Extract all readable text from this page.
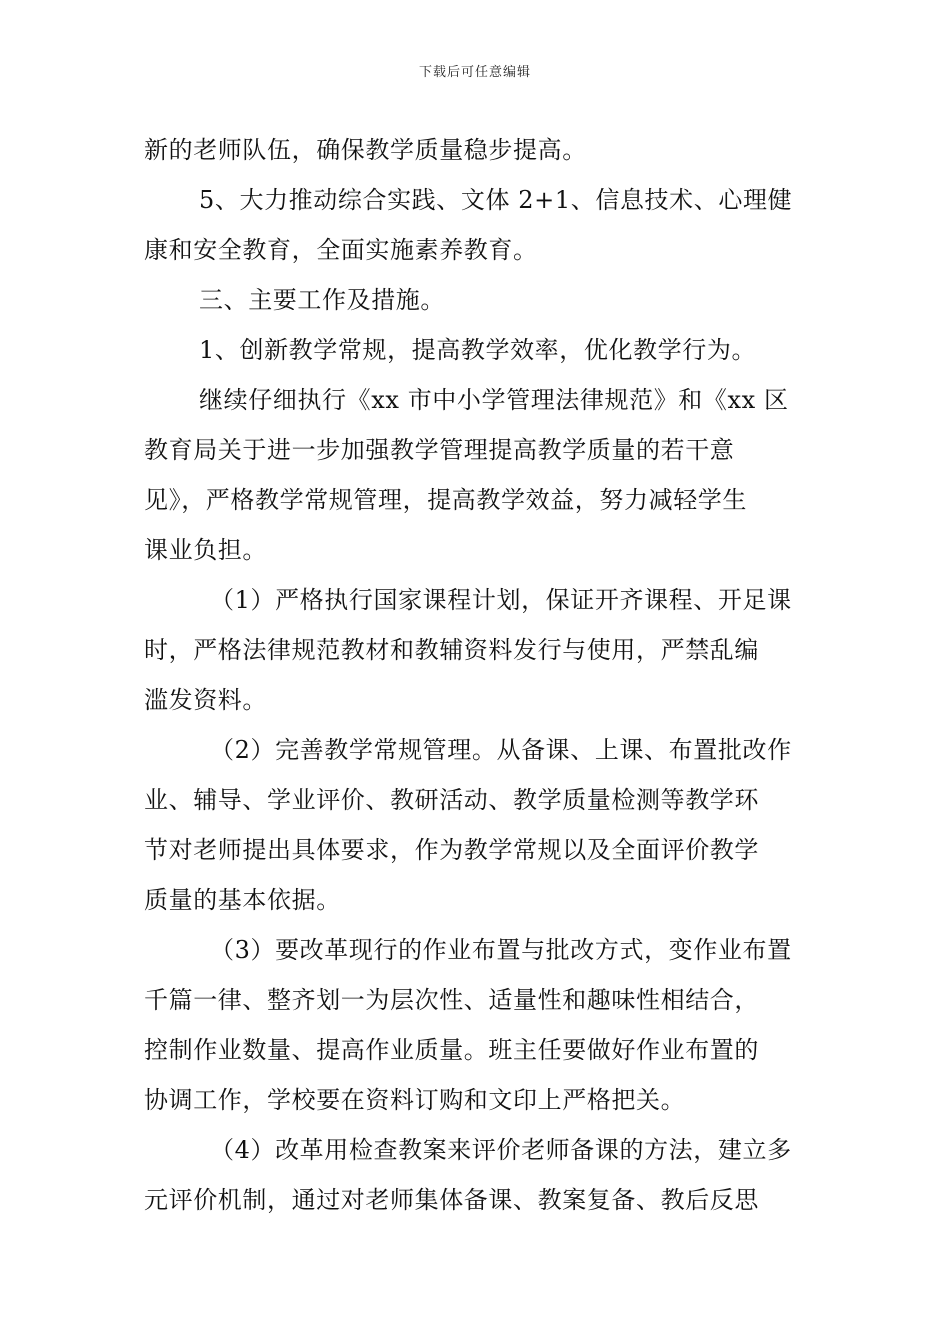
下载后可任意编辑
新的老师队伍，确保教学质量稳步提高。
5、大力推动综合实践、文体 2+1、信息技术、心理健
康和安全教育，全面实施素养教育。
三、主要工作及措施。
1、创新教学常规，提高教学效率，优化教学行为。
继续仔细执行《xx 市中小学管理法律规范》和《xx 区
教育局关于进一步加强教学管理提高教学质量的若干意
见》，严格教学常规管理，提高教学效益，努力减轻学生
课业负担。
（1）严格执行国家课程计划，保证开齐课程、开足课
时，严格法律规范教材和教辅资料发行与使用，严禁乱编
滥发资料。
（2）完善教学常规管理。从备课、上课、布置批改作
业、辅导、学业评价、教研活动、教学质量检测等教学环
节对老师提出具体要求，作为教学常规以及全面评价教学
质量的基本依据。
（3）要改革现行的作业布置与批改方式，变作业布置
千篇一律、整齐划一为层次性、适量性和趣味性相结合，
控制作业数量、提高作业质量。班主任要做好作业布置的
协调工作，学校要在资料订购和文印上严格把关。
（4）改革用检查教案来评价老师备课的方法，建立多
元评价机制，通过对老师集体备课、教案复备、教后反思
